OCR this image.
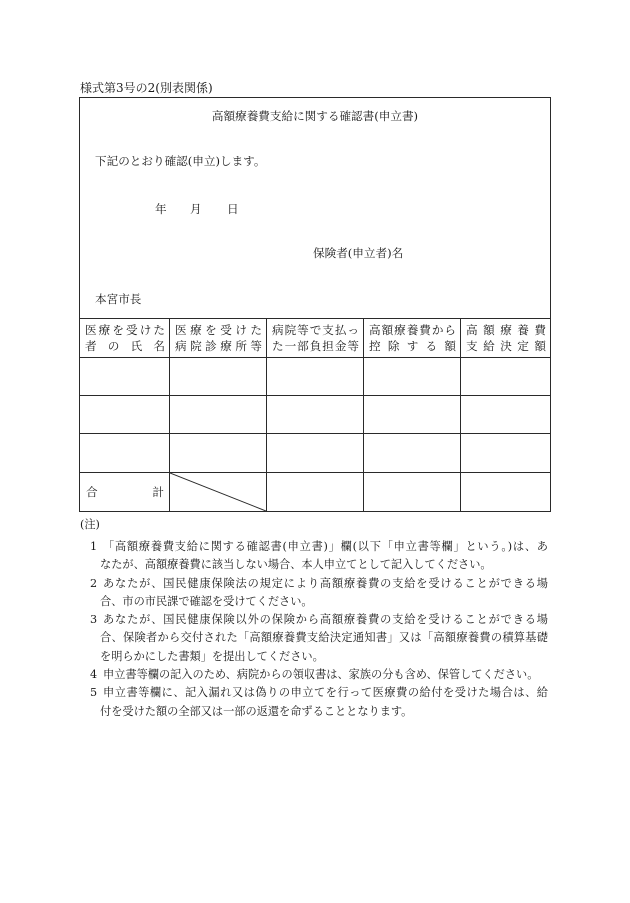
様式第3号の2(別表関係)
高額療養費支給に関する確認書(申立書)
下記のとおり確認(申立)します。
年 月 日
保険者(申立者)名
本宮市長
医療を受けた
者の氏名
医療を受けた
病院診療所等
病院等で支払っ
た一部負担金等
高額療養費から
控除する額
高額療養費
支給決定額
合計
(注)
1 「高額療養費支給に関する確認書(申立書)」欄(以下「申立書等欄」という。)は、あ
なたが、高額療養費に該当しない場合、本人申立てとして記入してください。
2 あなたが、国民健康保険法の規定により高額療養費の支給を受けることができる場
合、市の市民課で確認を受けてください。
3 あなたが、国民健康保険以外の保険から高額療養費の支給を受けることができる場
合、保険者から交付された「高額療養費支給決定通知書」又は「高額療養費の積算基礎
を明らかにした書類」を提出してください。
4 申立書等欄の記入のため、病院からの領収書は、家族の分も含め、保管してください。
5 申立書等欄に、記入漏れ又は偽りの申立てを行って医療費の給付を受けた場合は、給
付を受けた額の全部又は一部の返還を命ずることとなります。
